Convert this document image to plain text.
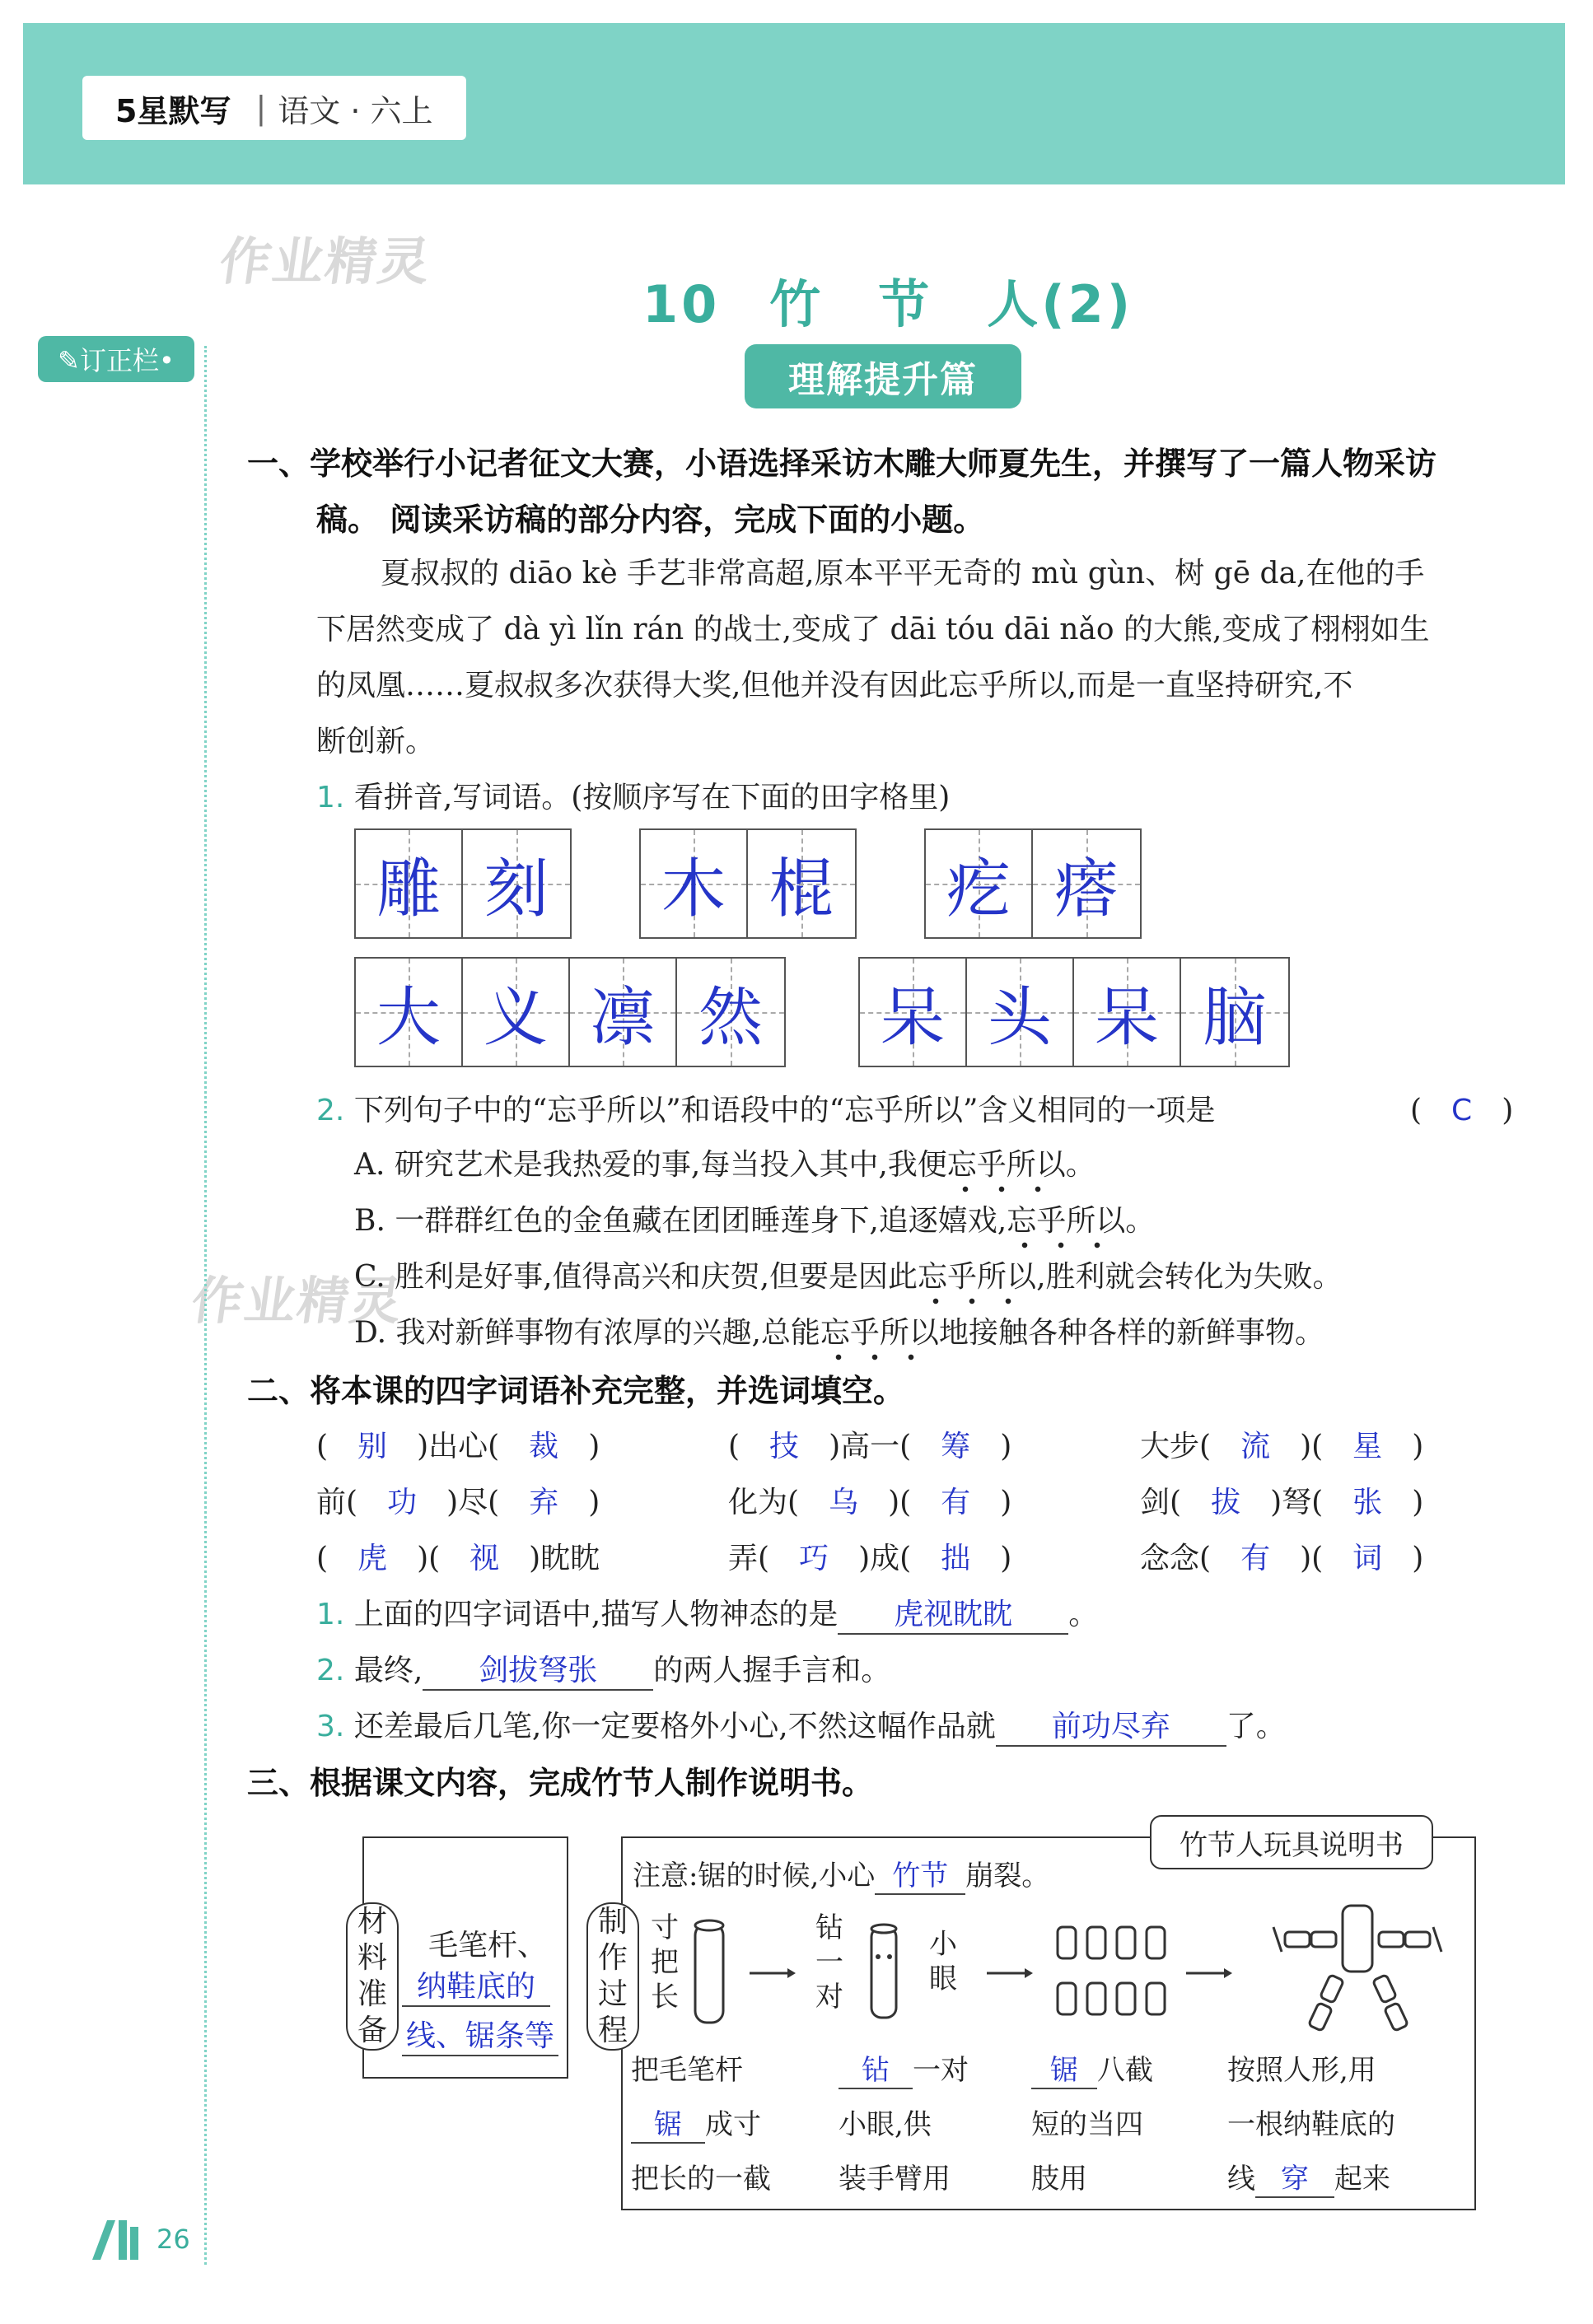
5星默写 | 语文 · 六上
作业精灵
作业精灵
✎订正栏•
10 竹　节　人(2)
理解提升篇
一、学校举行小记者征文大赛，小语选择采访木雕大师夏先生，并撰写了一篇人物采访
稿。 阅读采访稿的部分内容，完成下面的小题。
夏叔叔的 diāo kè 手艺非常高超,原本平平无奇的 mù gùn、树 gē da,在他的手
下居然变成了 dà yì lǐn rán 的战士,变成了 dāi tóu dāi nǎo 的大熊,变成了栩栩如生
的凤凰……夏叔叔多次获得大奖,但他并没有因此忘乎所以,而是一直坚持研究,不
断创新。
1. 看拼音,写词语。(按顺序写在下面的田字格里)
雕 刻 木 棍 疙 瘩
大 义 凛 然 呆 头 呆 脑
2. 下列句子中的“忘乎所以”和语段中的“忘乎所以”含义相同的一项是	(　C　)
A. 研究艺术是我热爱的事,每当投入其中,我便忘乎所以。
B. 一群群红色的金鱼藏在团团睡莲身下,追逐嬉戏,忘乎所以。
C. 胜利是好事,值得高兴和庆贺,但要是因此忘乎所以,胜利就会转化为失败。
D. 我对新鲜事物有浓厚的兴趣,总能忘乎所以地接触各种各样的新鲜事物。
二、将本课的四字词语补充完整，并选词填空。
(　别　)出心(　裁　)	(　技　)高一(　筹　)	大步(　流　)(　星　)
前(　功　)尽(　弃　)	化为(　乌　)(　有　)	剑(　拔　)弩(　张　)
(　虎　)(　视　)眈眈	弄(　巧　)成(　拙　)	念念(　有　)(　词　)
1. 上面的四字词语中,描写人物神态的是 虎视眈眈 。
2. 最终, 剑拔弩张 的两人握手言和。
3. 还差最后几笔,你一定要格外小心,不然这幅作品就 前功尽弃 了。
三、根据课文内容，完成竹节人制作说明书。
材料准备
毛笔杆、
纳鞋底的
线、锯条等
竹节人玩具说明书
注意:锯的时候,小心 竹节 崩裂。
制作过程
寸把长
钻一对
小眼
把毛笔杆
锯 成寸
把长的一截
钻 一对
小眼,供
装手臂用
锯 八截
短的当四
肢用
按照人形,用
一根纳鞋底的
线 穿 起来
26
